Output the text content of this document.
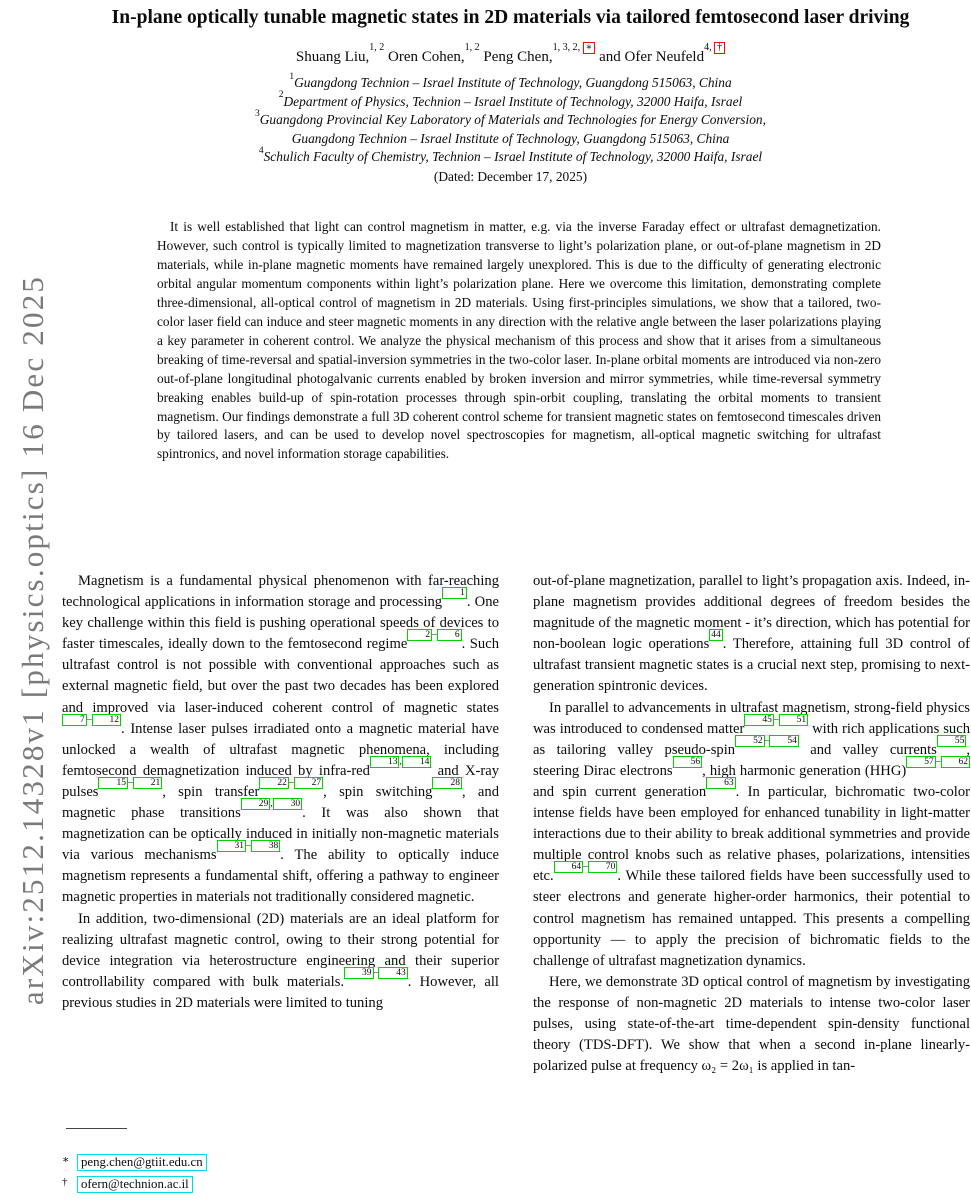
arXiv:2512.14328v1 [physics.optics] 16 Dec 2025
In-plane optically tunable magnetic states in 2D materials via tailored femtosecond laser driving
Shuang Liu,$^{1, 2}$ Oren Cohen,$^{1, 2}$ Peng Chen,$^{1, 3, 2, ∗}$ and Ofer Neufeld$^{4, \dagger}$
$^1$Guangdong Technion – Israel Institute of Technology, Guangdong 515063, China
$^2$Department of Physics, Technion – Israel Institute of Technology, 32000 Haifa, Israel
$^3$Guangdong Provincial Key Laboratory of Materials and Technologies for Energy Conversion,
Guangdong Technion – Israel Institute of Technology, Guangdong 515063, China
$^4$Schulich Faculty of Chemistry, Technion – Israel Institute of Technology, 32000 Haifa, Israel
(Dated: December 17, 2025)
It is well established that light can control magnetism in matter, e.g. via the inverse Faraday effect or ultrafast demagnetization. However, such control is typically limited to magnetization transverse to light’s polarization plane, or out-of-plane magnetism in 2D materials, while in-plane magnetic moments have remained largely unexplored. This is due to the difficulty of generating electronic orbital angular momentum components within light’s polarization plane. Here we overcome this limitation, demonstrating complete three-dimensional, all-optical control of magnetism in 2D materials. Using first-principles simulations, we show that a tailored, two-color laser field can induce and steer magnetic moments in any direction with the relative angle between the laser polarizations playing a key parameter in coherent control. We analyze the physical mechanism of this process and show that it arises from a simultaneous breaking of time-reversal and spatial-inversion symmetries in the two-color laser. In-plane orbital moments are introduced via non-zero out-of-plane longitudinal photogalvanic currents enabled by broken inversion and mirror symmetries, while time-reversal symmetry breaking enables build-up of spin-rotation processes through spin-orbit coupling, translating the orbital moments to transient magnetism. Our findings demonstrate a full 3D coherent control scheme for transient magnetic states on femtosecond timescales driven by tailored lasers, and can be used to develop novel spectroscopies for magnetism, all-optical magnetic switching for ultrafast spintronics, and novel information storage capabilities.

Magnetism is a fundamental physical phenomenon with far-reaching technological applications in information storage and processing$^1$. One key challenge within this field is pushing operational speeds of devices to faster timescales, ideally down to the femtosecond regime$^{2 - 6}$. Such ultrafast control is not possible with conventional approaches such as external magnetic field, but over the past two decades has been explored and improved via laser-induced coherent control of magnetic states$^{7 - 12}$. Intense laser pulses irradiated onto a magnetic material have unlocked a wealth of ultrafast magnetic phenomena, including femtosecond demagnetization induced by infra-red$^{13 , 14}$ and X-ray pulses$^{15 - 21}$, spin transfer$^{22 - 27}$, spin switching$^{28}$, and magnetic phase transitions$^{29 , 30}$. It was also shown that magnetization can be optically induced in initially non-magnetic materials via various mechanisms$^{31 - 38}$. The ability to optically induce magnetism represents a fundamental shift, offering a pathway to engineer magnetic properties in materials not traditionally considered magnetic.

In addition, two-dimensional (2D) materials are an ideal platform for realizing ultrafast magnetic control, owing to their strong potential for device integration via heterostructure engineering and their superior controllability compared with bulk materials.$^{39 - 43}$. However, all previous studies in 2D materials were limited to tuning

out-of-plane magnetization, parallel to light’s propagation axis. Indeed, in-plane magnetism provides additional degrees of freedom besides the magnitude of the magnetic moment - it’s direction, which has potential for non-boolean logic operations$^{44}$. Therefore, attaining full 3D control of ultrafast transient magnetic states is a crucial next step, promising to next-generation spintronic devices.

In parallel to advancements in ultrafast magnetism, strong-field physics was introduced to condensed matter$^{45 - 51}$ with rich applications such as tailoring valley pseudo-spin$^{52 - 54}$ and valley currents$^{55}$, steering Dirac electrons$^{56}$, high harmonic generation (HHG)$^{57 - 62}$ and spin current generation$^{63}$. In particular, bichromatic two-color intense fields have been employed for enhanced tunability in light-matter interactions due to their ability to break additional symmetries and provide multiple control knobs such as relative phases, polarizations, intensities etc.$^{64 - 70}$. While these tailored fields have been successfully used to steer electrons and generate higher-order harmonics, their potential to control magnetism has remained untapped. This presents a compelling opportunity — to apply the precision of bichromatic fields to the challenge of ultrafast magnetization dynamics.

Here, we demonstrate 3D optical control of magnetism by investigating the response of non-magnetic 2D materials to intense two-color laser pulses, using state-of-the-art time-dependent spin-density functional theory (TDS-DFT). We show that when a second in-plane linearly-polarized pulse at frequency ω₂ = 2ω₁ is applied in tan-

∗ peng.chen@gtiit.edu.cn
† ofern@technion.ac.il
